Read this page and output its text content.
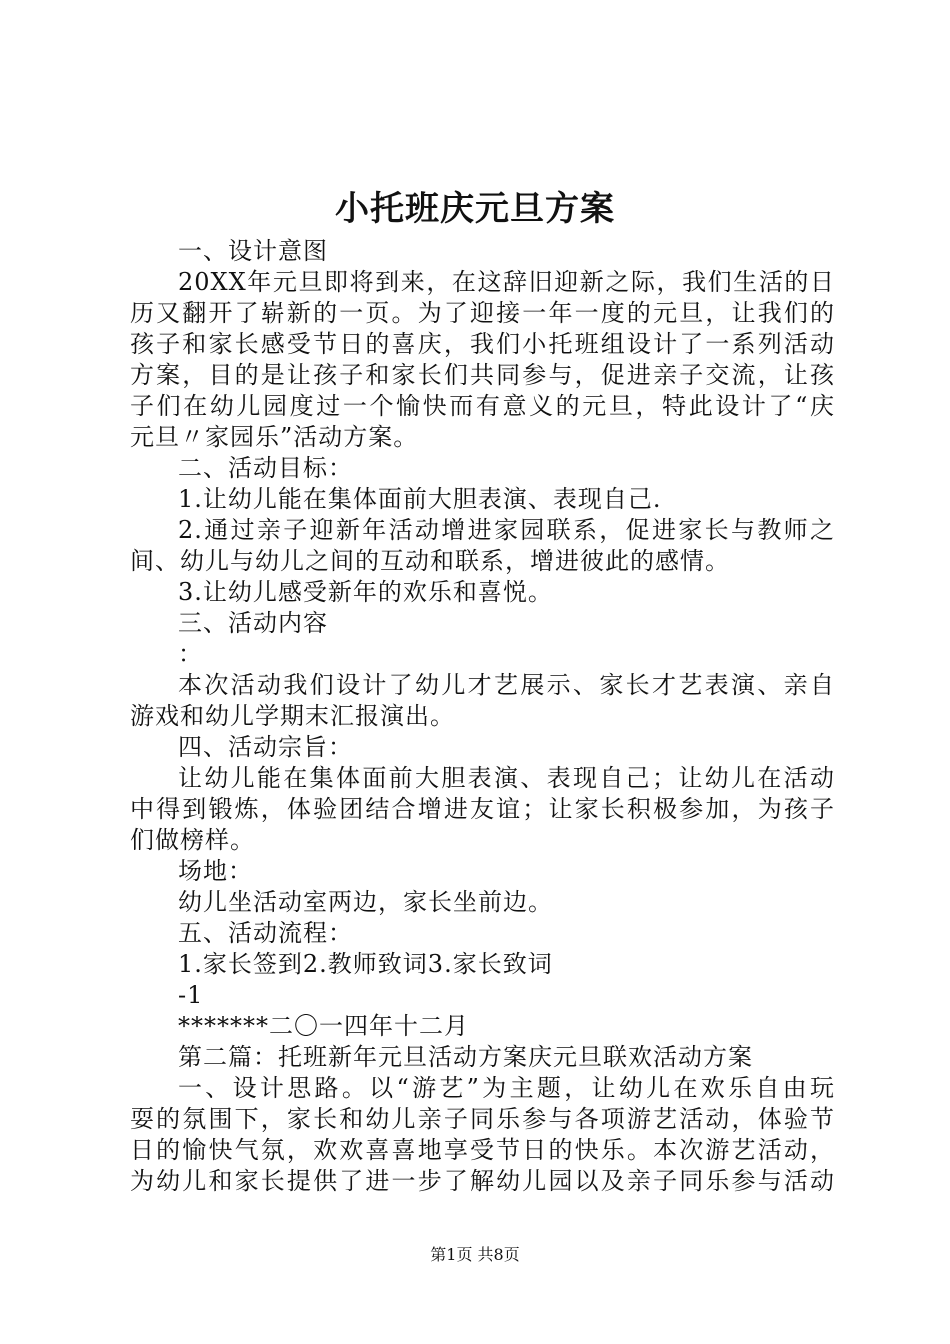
小托班庆元旦方案
一、设计意图
20XX年元旦即将到来，在这辞旧迎新之际，我们生活的日
历又翻开了崭新的一页。为了迎接一年一度的元旦，让我们的
孩子和家长感受节日的喜庆，我们小托班组设计了一系列活动
方案，目的是让孩子和家长们共同参与，促进亲子交流，让孩
子们在幼儿园度过一个愉快而有意义的元旦，特此设计了“庆
元旦〃家园乐”活动方案。
二、活动目标：
1.让幼儿能在集体面前大胆表演、表现自己.
2.通过亲子迎新年活动增进家园联系，促进家长与教师之
间、幼儿与幼儿之间的互动和联系，增进彼此的感情。
3.让幼儿感受新年的欢乐和喜悦。
三、活动内容
：
本次活动我们设计了幼儿才艺展示、家长才艺表演、亲自
游戏和幼儿学期末汇报演出。
四、活动宗旨：
让幼儿能在集体面前大胆表演、表现自己；让幼儿在活动
中得到锻炼，体验团结合增进友谊；让家长积极参加，为孩子
们做榜样。
场地：
幼儿坐活动室两边，家长坐前边。
五、活动流程：
1.家长签到2.教师致词3.家长致词
-1
*******二〇一四年十二月
第二篇：托班新年元旦活动方案庆元旦联欢活动方案
一、设计思路。以“游艺”为主题，让幼儿在欢乐自由玩
耍的氛围下，家长和幼儿亲子同乐参与各项游艺活动，体验节
日的愉快气氛，欢欢喜喜地享受节日的快乐。本次游艺活动，
为幼儿和家长提供了进一步了解幼儿园以及亲子同乐参与活动
第1页 共8页
